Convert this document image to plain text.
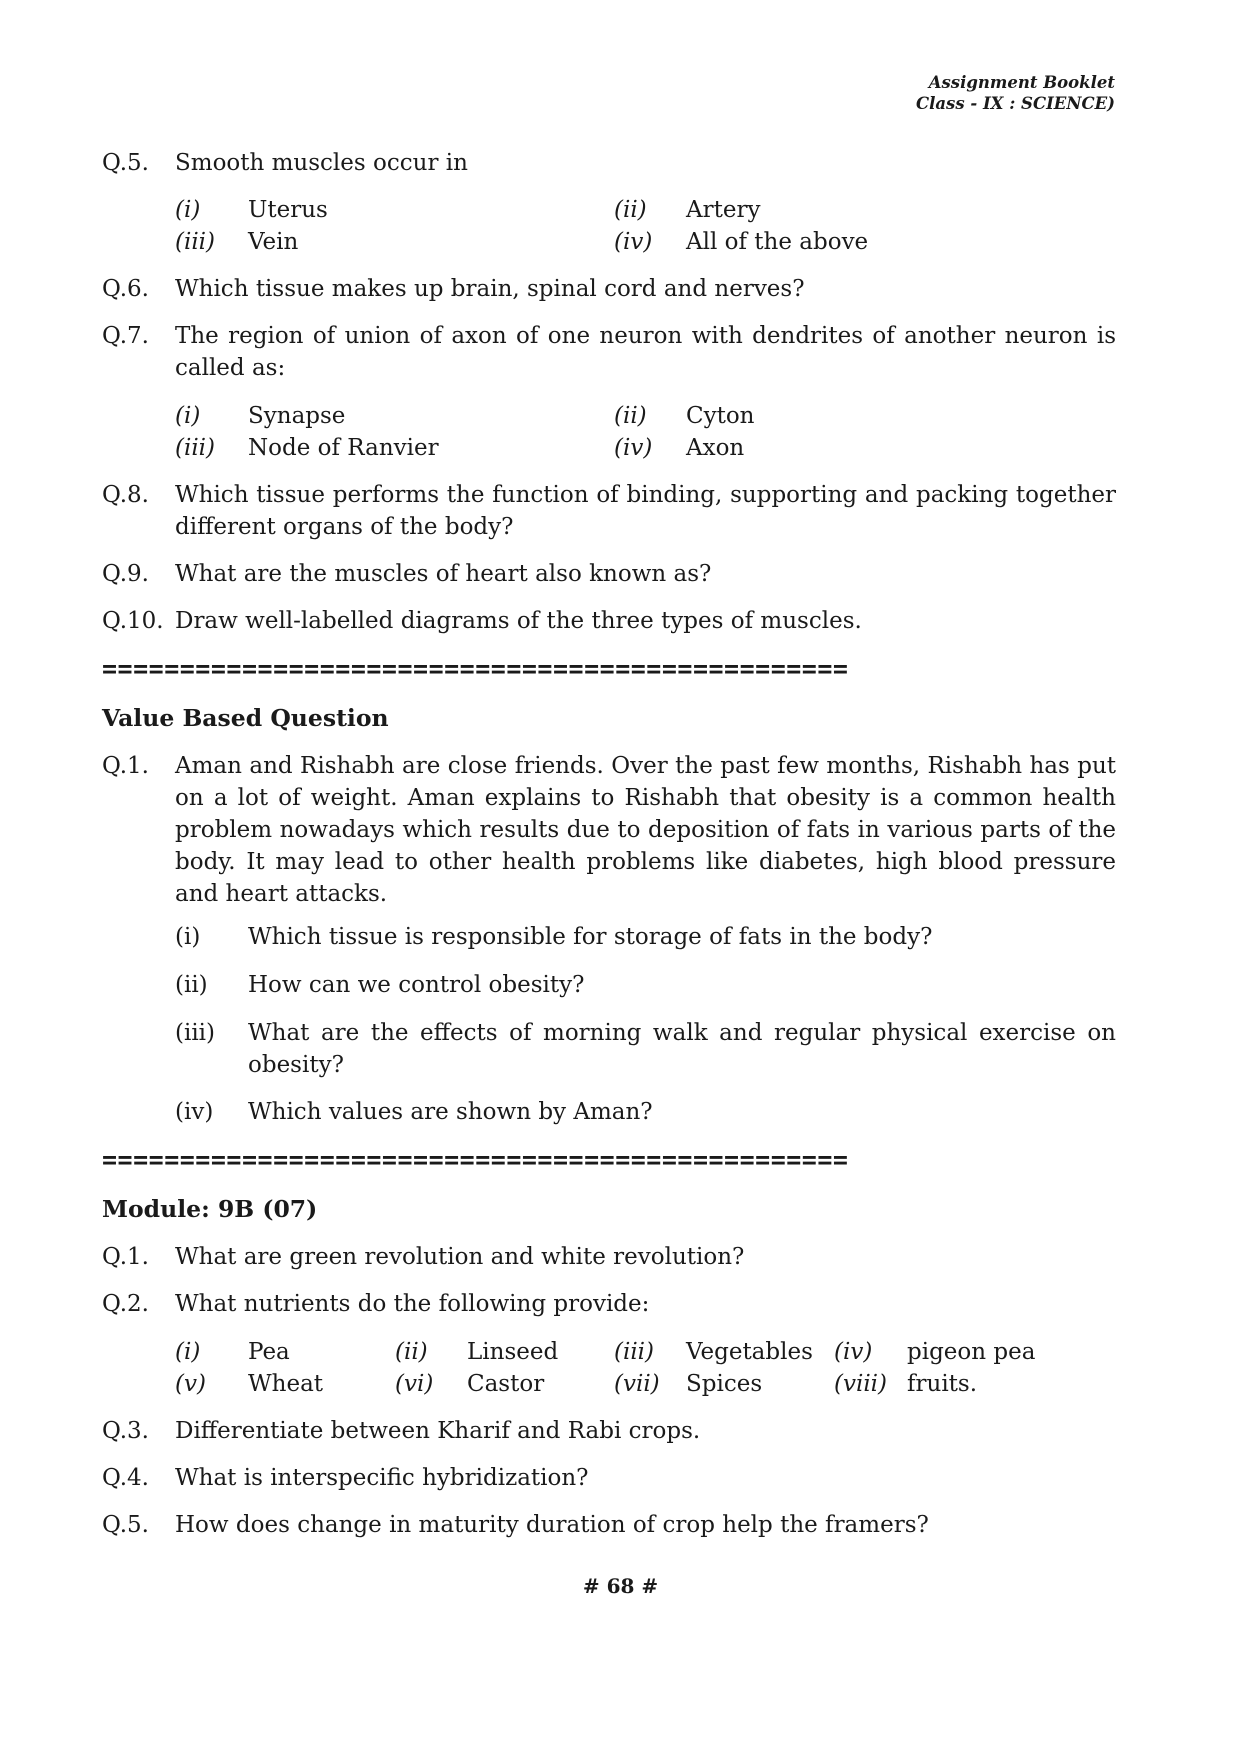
Assignment Booklet
Class - IX : SCIENCE)
Q.5. Smooth muscles occur in
(i) Uterus	(ii) Artery
(iii) Vein	(iv) All of the above
Q.6. Which tissue makes up brain, spinal cord and nerves?
Q.7. The region of union of axon of one neuron with dendrites of another neuron is called as:
(i) Synapse	(ii) Cyton
(iii) Node of Ranvier	(iv) Axon
Q.8. Which tissue performs the function of binding, supporting and packing together different organs of the body?
Q.9. What are the muscles of heart also known as?
Q.10. Draw well-labelled diagrams of the three types of muscles.
================================================
Value Based Question
Q.1. Aman and Rishabh are close friends. Over the past few months, Rishabh has put on a lot of weight. Aman explains to Rishabh that obesity is a common health problem nowadays which results due to deposition of fats in various parts of the body. It may lead to other health problems like diabetes, high blood pressure and heart attacks.
(i) Which tissue is responsible for storage of fats in the body?
(ii) How can we control obesity?
(iii) What are the effects of morning walk and regular physical exercise on obesity?
(iv) Which values are shown by Aman?
================================================
Module: 9B (07)
Q.1. What are green revolution and white revolution?
Q.2. What nutrients do the following provide:
(i) Pea	(ii) Linseed (iii) Vegetables (iv) pigeon pea
(v) Wheat	(vi) Castor	(vii) Spices	(viii) fruits.
Q.3. Differentiate between Kharif and Rabi crops.
Q.4. What is interspecific hybridization?
Q.5. How does change in maturity duration of crop help the framers?
# 68 #
